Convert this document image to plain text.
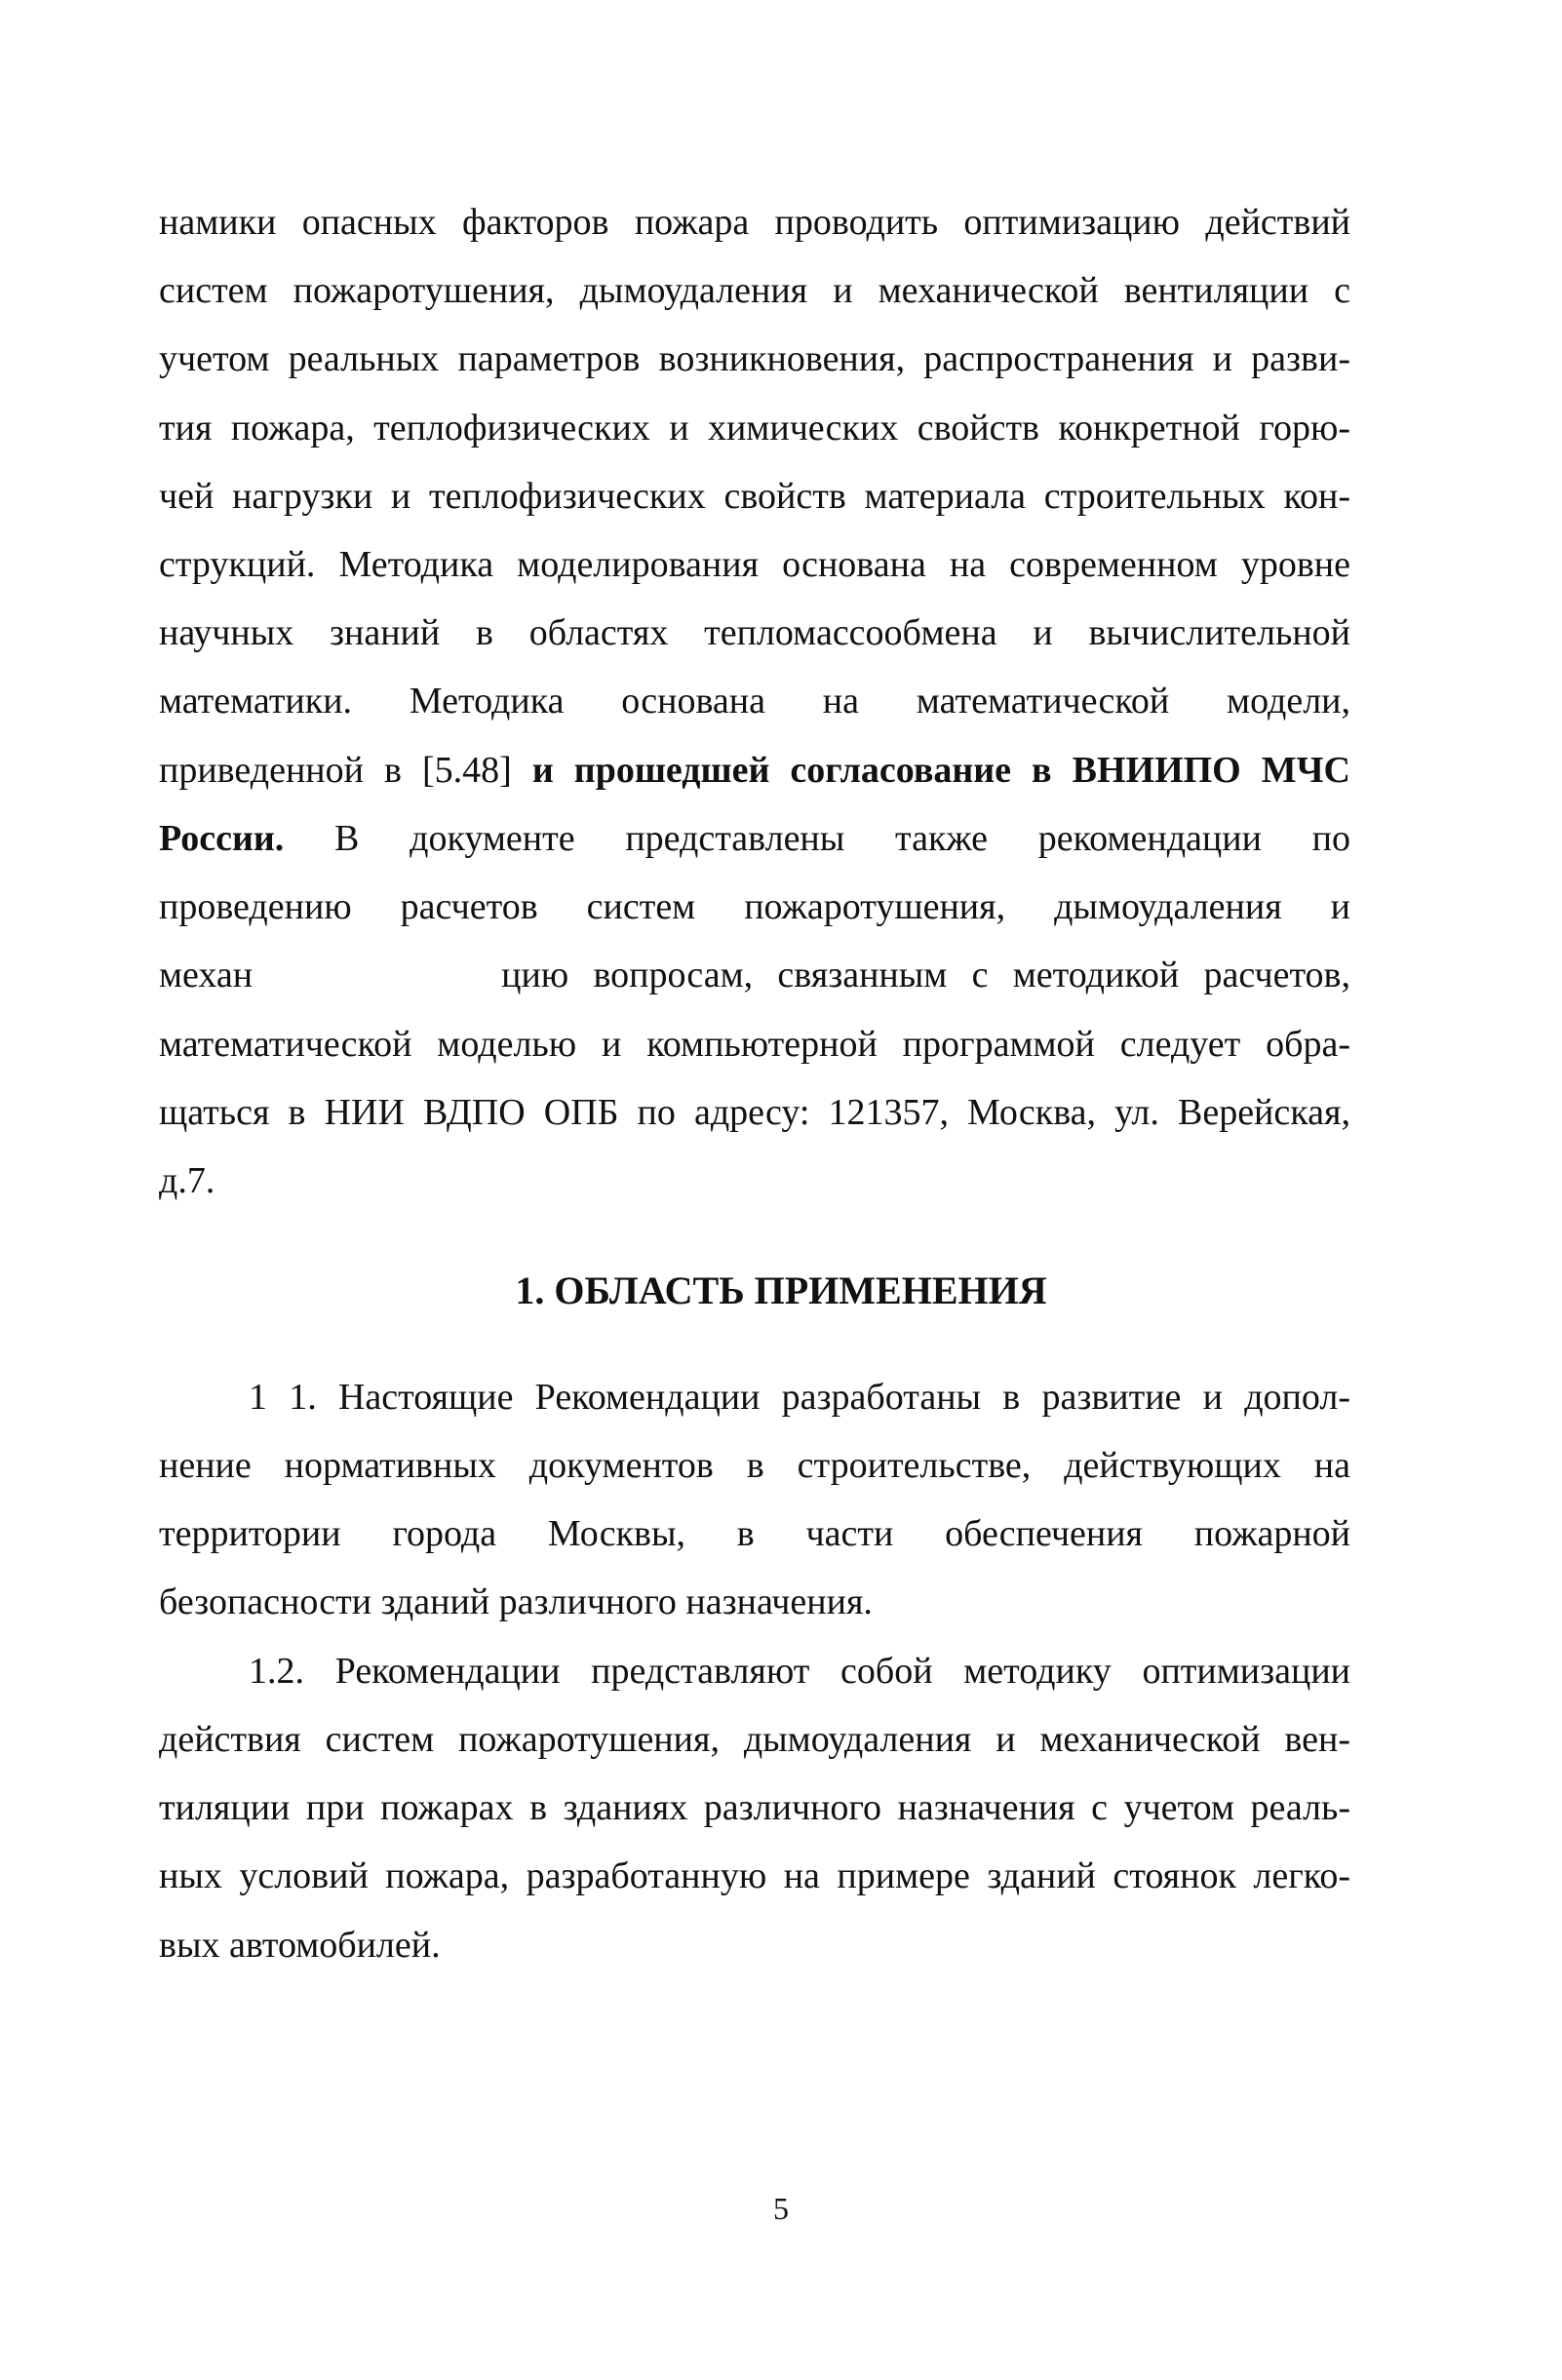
намики опасных факторов пожара проводить оптимизацию действий
систем пожаротушения, дымоудаления и механической вентиляции с
учетом реальных параметров возникновения, распространения и разви-
тия пожара, теплофизических и химических свойств конкретной горю-
чей нагрузки и теплофизических свойств материала строительных кон-
струкций. Методика моделирования основана на современном уровне
научных знаний в областях тепломассообмена и вычислительной
математики. Методика основана на математической модели,
приведенной в [5.48] и прошедшей согласование в ВНИИПО МЧС
России. В документе представлены также рекомендации по
проведению расчетов систем пожаротушения, дымоудаления и
механ	цию вопросам, связанным с методикой расчетов,
математической моделью и компьютерной программой следует обра-
щаться в НИИ ВДПО ОПБ по адресу: 121357, Москва, ул. Верейская,
д.7.
1. ОБЛАСТЬ ПРИМЕНЕНИЯ
1 1. Настоящие Рекомендации разработаны в развитие и допол-
нение нормативных документов в строительстве, действующих на
территории города Москвы, в части обеспечения пожарной
безопасности зданий различного назначения.
1.2. Рекомендации представляют собой методику оптимизации
действия систем пожаротушения, дымоудаления и механической вен-
тиляции при пожарах в зданиях различного назначения с учетом реаль-
ных условий пожара, разработанную на примере зданий стоянок легко-
вых автомобилей.
5
